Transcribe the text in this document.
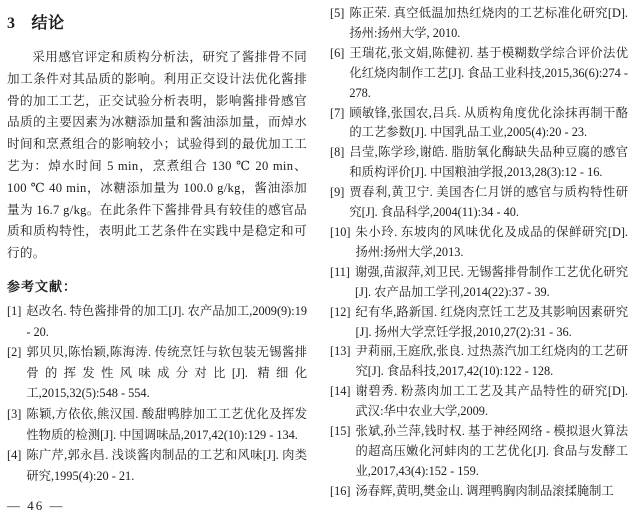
3 结论

采用感官评定和质构分析法，研究了酱排骨不同加工条件对其品质的影响。利用正交设计法优化酱排骨的加工工艺，正交试验分析表明，影响酱排骨感官品质的主要因素为冰糖添加量和酱油添加量，而焯水时间和烹煮组合的影响较小；试验得到的最优加工工艺为：焯水时间 5 min，烹煮组合 130 ℃ 20 min、100 ℃ 40 min，冰糖添加量为 100.0 g/kg，酱油添加量为 16.7 g/kg。在此条件下酱排骨具有较佳的感官品质和质构特性，表明此工艺条件在实践中是稳定和可行的。

参考文献：
[1] 赵改名. 特色酱排骨的加工[J]. 农产品加工,2009(9):19 - 20.
[2] 郭贝贝,陈怡颖,陈海涛. 传统烹饪与软包装无锡酱排骨的挥发性风味成分对比[J]. 精细化工,2015,32(5):548 - 554.
[3] 陈颖,方依依,熊汉国. 酸甜鸭脖加工工艺优化及挥发性物质的检测[J]. 中国调味品,2017,42(10):129 - 134.
[4] 陈广芹,郭永昌. 浅谈酱肉制品的工艺和风味[J]. 肉类研究,1995(4):20 - 21.
[5] 陈正荣. 真空低温加热红烧肉的工艺标准化研究[D]. 扬州:扬州大学, 2010.
[6] 王瑞花,张文娟,陈健初. 基于模糊数学综合评价法优化红烧肉制作工艺[J]. 食品工业科技,2015,36(6):274 - 278.
[7] 顾敏锋,张国农,吕兵. 从质构角度优化涂抹再制干酪的工艺参数[J]. 中国乳品工业,2005(4):20 - 23.
[8] 吕莹,陈学珍,谢皓. 脂肪氧化酶缺失品种豆腐的感官和质构评价[J]. 中国粮油学报,2013,28(3):12 - 16.
[9] 贾春利,黄卫宁. 美国杏仁月饼的感官与质构特性研究[J]. 食品科学,2004(11):34 - 40.
[10] 朱小玲. 东坡肉的风味优化及成品的保鲜研究[D]. 扬州:扬州大学,2013.
[11] 谢强,苗淑萍,刘卫民. 无锡酱排骨制作工艺优化研究[J]. 农产品加工学刊,2014(22):37 - 39.
[12] 纪有华,路新国. 红烧肉烹饪工艺及其影响因素研究[J]. 扬州大学烹饪学报,2010,27(2):31 - 36.
[13] 尹莉丽,王庭欣,张良. 过热蒸汽加工红烧肉的工艺研究[J]. 食品科技,2017,42(10):122 - 128.
[14] 谢碧秀. 粉蒸肉加工工艺及其产品特性的研究[D]. 武汉:华中农业大学,2009.
[15] 张斌,孙兰萍,钱时权. 基于神经网络 - 模拟退火算法的超高压嫩化河蚌肉的工艺优化[J]. 食品与发酵工业,2017,43(4):152 - 159.
[16] 汤春辉,黄明,樊金山. 调理鸭胸肉制品滚揉腌制工
— 46 —
